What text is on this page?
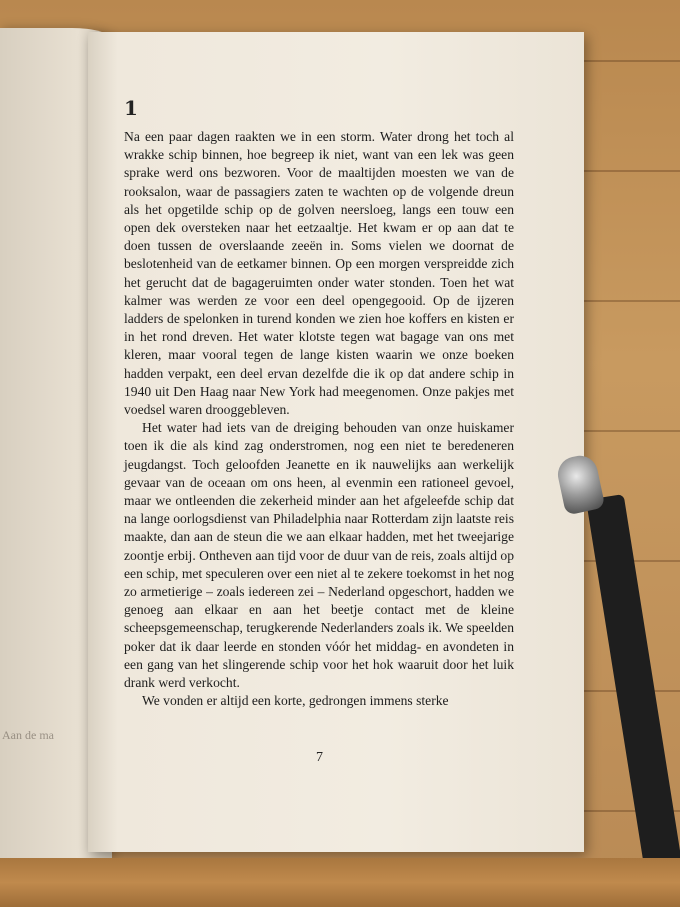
Aan de ma
1

Na een paar dagen raakten we in een storm. Water drong het toch al wrakke schip binnen, hoe begreep ik niet, want van een lek was geen sprake werd ons bezworen. Voor de maaltijden moesten we van de rooksalon, waar de passagiers zaten te wachten op de volgende dreun als het opgetilde schip op de golven neersloeg, langs een touw een open dek oversteken naar het eetzaaltje. Het kwam er op aan dat te doen tussen de overslaande zeeën in. Soms vielen we doornat de beslotenheid van de eetkamer binnen. Op een morgen verspreidde zich het gerucht dat de bagageruimten onder water stonden. Toen het wat kalmer was werden ze voor een deel opengegooid. Op de ijzeren ladders de spelonken in turend konden we zien hoe koffers en kisten er in het rond dreven. Het water klotste tegen wat bagage van ons met kleren, maar vooral tegen de lange kisten waarin we onze boeken hadden verpakt, een deel ervan dezelfde die ik op dat andere schip in 1940 uit Den Haag naar New York had meegenomen. Onze pakjes met voedsel waren drooggebleven.

Het water had iets van de dreiging behouden van onze huiskamer toen ik die als kind zag onderstromen, nog een niet te beredeneren jeugdangst. Toch geloofden Jeanette en ik nauwelijks aan werkelijk gevaar van de oceaan om ons heen, al evenmin een rationeel gevoel, maar we ontleenden die zekerheid minder aan het afgeleefde schip dat na lange oorlogsdienst van Philadelphia naar Rotterdam zijn laatste reis maakte, dan aan de steun die we aan elkaar hadden, met het tweejarige zoontje erbij. Ontheven aan tijd voor de duur van de reis, zoals altijd op een schip, met speculeren over een niet al te zekere toekomst in het nog zo armetierige – zoals iedereen zei – Nederland opgeschort, hadden we genoeg aan elkaar en aan het beetje contact met de kleine scheepsgemeenschap, terugkerende Nederlanders zoals ik. We speelden poker dat ik daar leerde en stonden vóór het middag- en avondeten in een gang van het slingerende schip voor het hok waaruit door het luik drank werd verkocht.

We vonden er altijd een korte, gedrongen immens sterke

7
